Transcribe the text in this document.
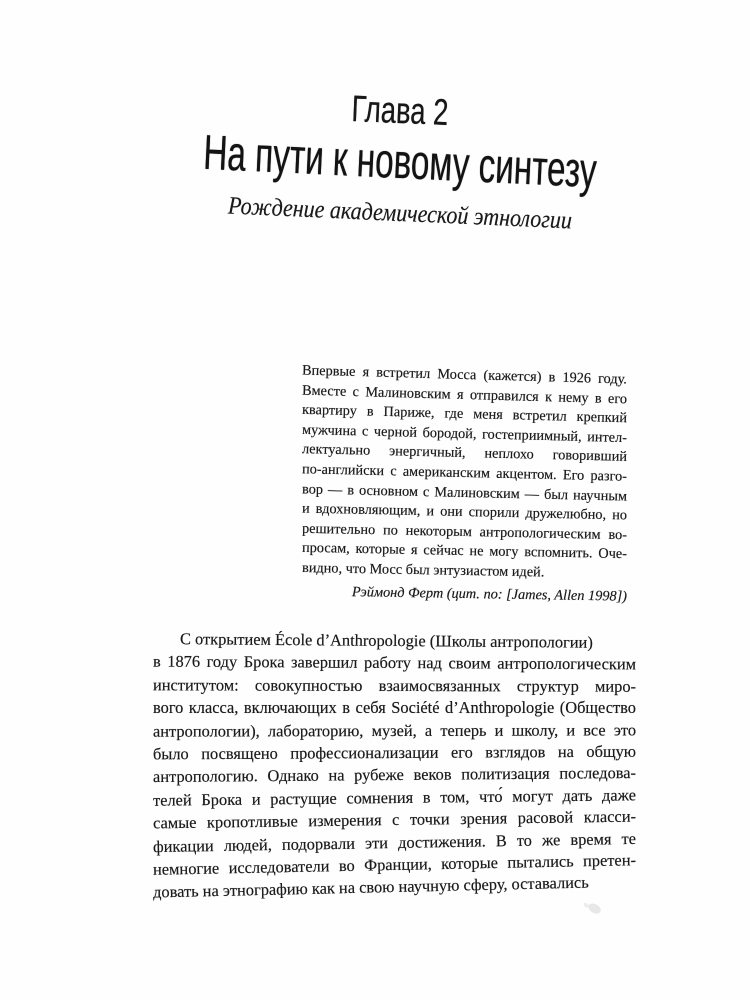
Глава 2
На пути к новому синтезу
Рождение академической этнологии
Впервые я встретил Мосса (кажется) в 1926 году.
Вместе с Малиновским я отправился к нему в его
квартиру в Париже, где меня встретил крепкий
мужчина с черной бородой, гостеприимный, интел-
лектуально энергичный, неплохо говоривший
по-английски с американским акцентом. Его разго-
вор — в основном с Малиновским — был научным
и вдохновляющим, и они спорили дружелюбно, но
решительно по некоторым антропологическим во-
просам, которые я сейчас не могу вспомнить. Оче-
видно, что Мосс был энтузиастом идей.
Рэймонд Ферт (цит. по: [James, Allen 1998])
С открытием École d’Anthropologie (Школы антропологии)
в 1876 году Брока завершил работу над своим антропологическим
институтом: совокупностью взаимосвязанных структур миро-
вого класса, включающих в себя Société d’Anthropologie (Общество
антропологии), лабораторию, музей, а теперь и школу, и все это
было посвящено профессионализации его взглядов на общую
антропологию. Однако на рубеже веков политизация последова-
телей Брока и растущие сомнения в том, что́ могут дать даже
самые кропотливые измерения с точки зрения расовой класси-
фикации людей, подорвали эти достижения. В то же время те
немногие исследователи во Франции, которые пытались претен-
довать на этнографию как на свою научную сферу, оставались
